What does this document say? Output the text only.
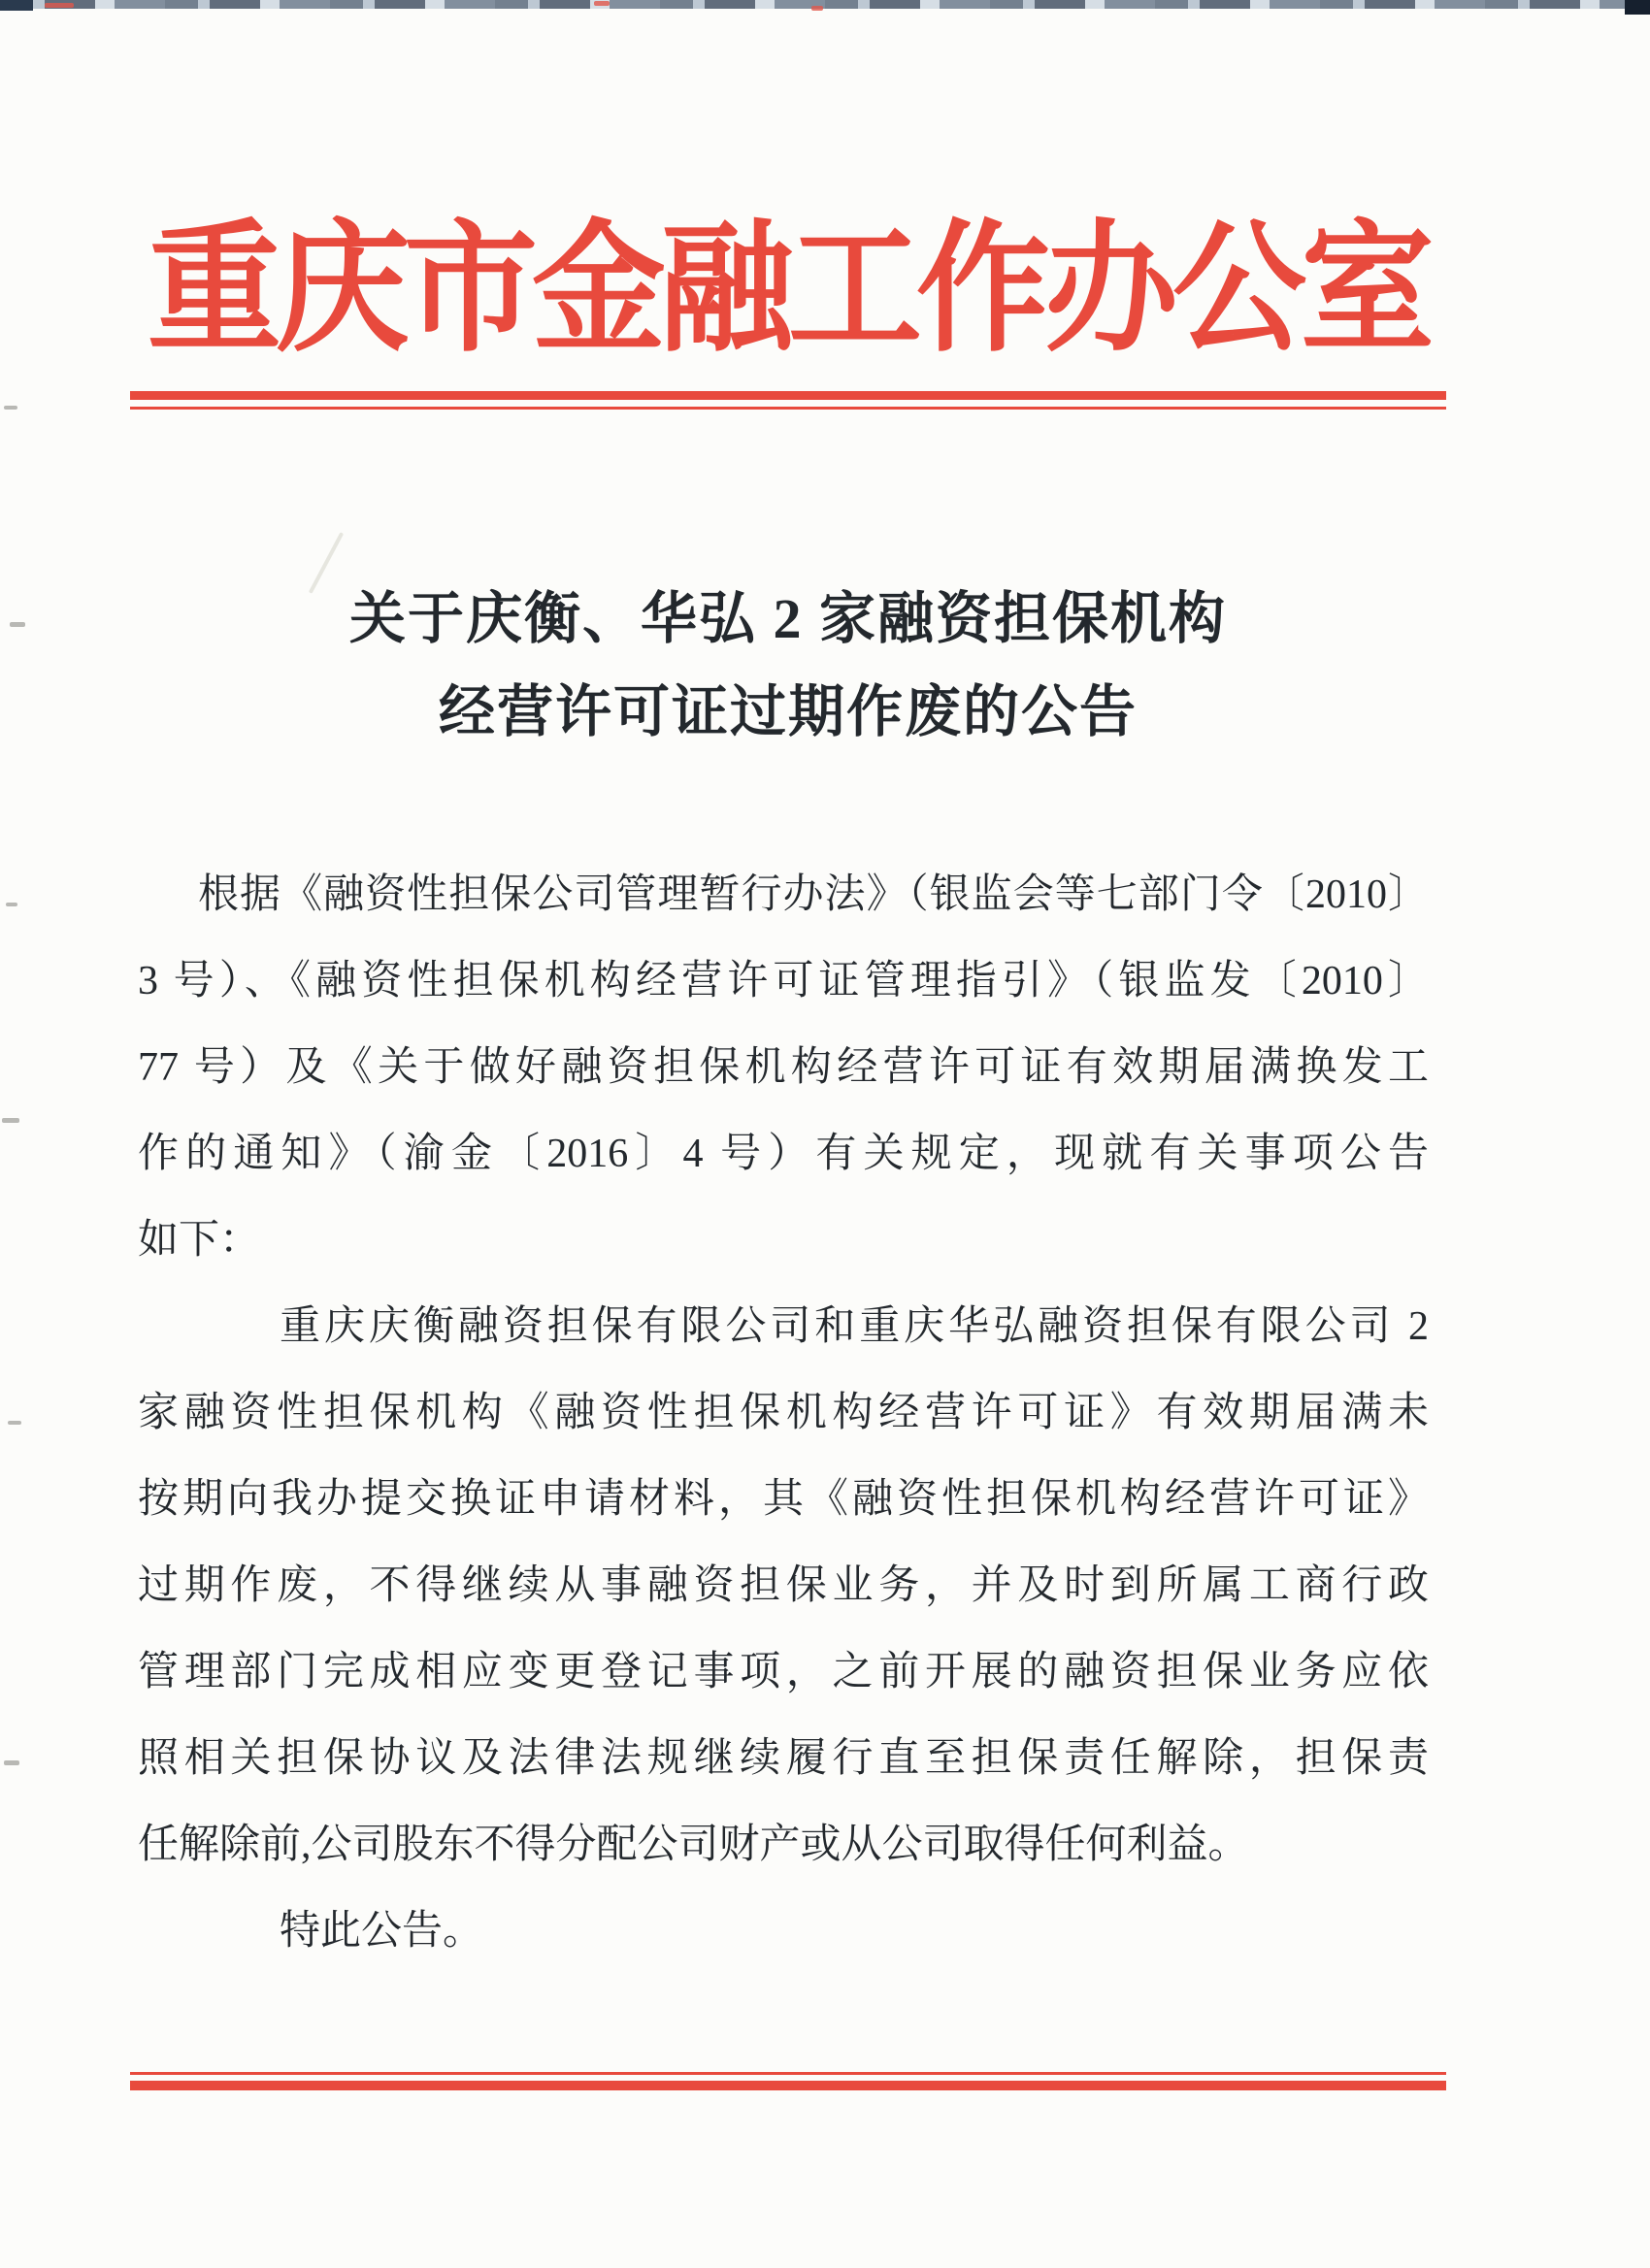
重庆市金融工作办公室
关于庆衡、华弘 2 家融资担保机构
经营许可证过期作废的公告
根据《融资性担保公司管理暂行办法》（银监会等七部门令〔2010〕
3 号）、《融资性担保机构经营许可证管理指引》（银监发〔2010〕
77 号）及《关于做好融资担保机构经营许可证有效期届满换发工
作的通知》（渝金〔2016〕4 号）有关规定，现就有关事项公告
如下：
重庆庆衡融资担保有限公司和重庆华弘融资担保有限公司 2
家融资性担保机构《融资性担保机构经营许可证》有效期届满未
按期向我办提交换证申请材料，其《融资性担保机构经营许可证》
过期作废，不得继续从事融资担保业务，并及时到所属工商行政
管理部门完成相应变更登记事项，之前开展的融资担保业务应依
照相关担保协议及法律法规继续履行直至担保责任解除，担保责
任解除前,公司股东不得分配公司财产或从公司取得任何利益。
特此公告。
